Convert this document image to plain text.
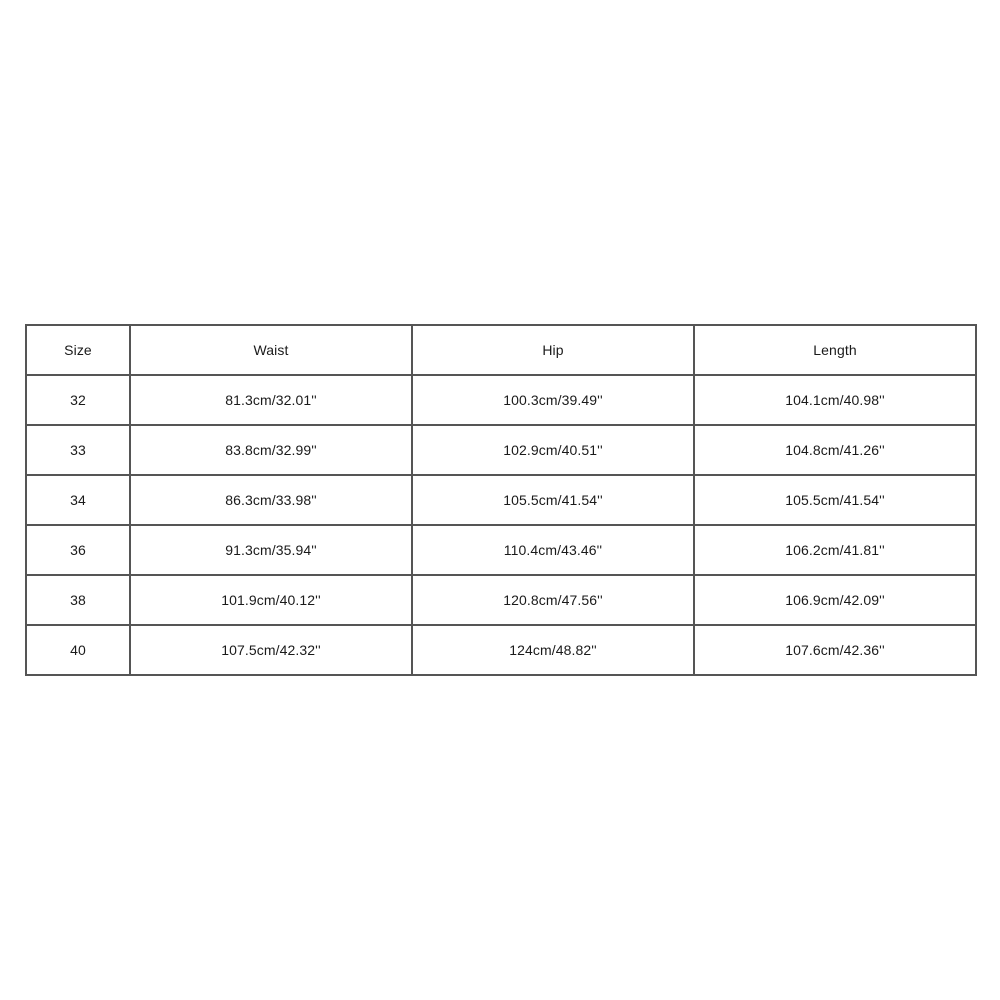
Size	Waist	Hip	Length
32	81.3cm/32.01''	100.3cm/39.49''	104.1cm/40.98''
33	83.8cm/32.99''	102.9cm/40.51''	104.8cm/41.26''
34	86.3cm/33.98''	105.5cm/41.54''	105.5cm/41.54''
36	91.3cm/35.94''	110.4cm/43.46''	106.2cm/41.81''
38	101.9cm/40.12''	120.8cm/47.56''	106.9cm/42.09''
40	107.5cm/42.32''	124cm/48.82''	107.6cm/42.36''
